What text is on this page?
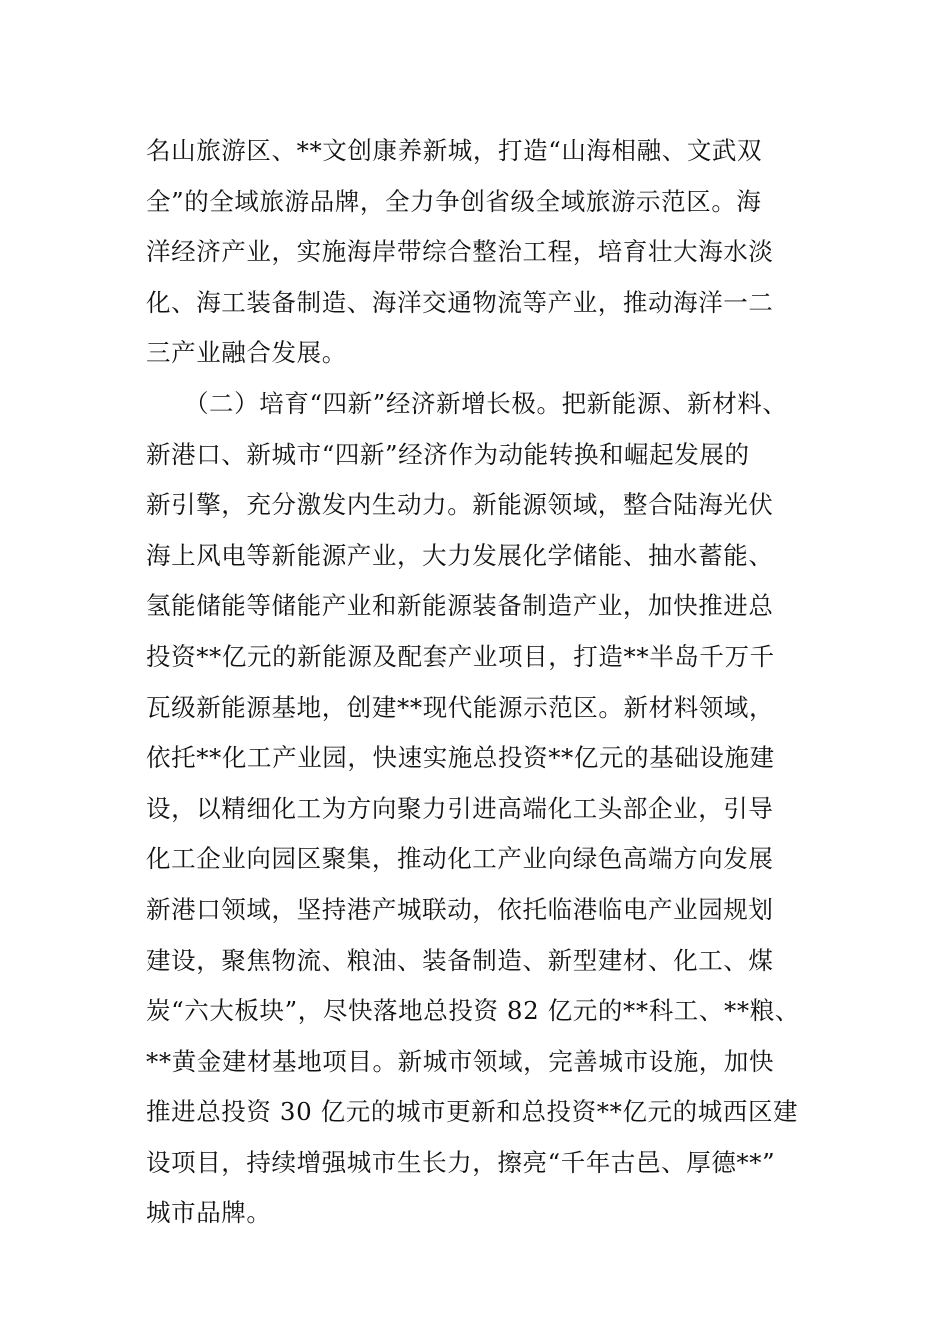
名山旅游区、**文创康养新城，打造“山海相融、文武双
全”的全域旅游品牌，全力争创省级全域旅游示范区。海
洋经济产业，实施海岸带综合整治工程，培育壮大海水淡
化、海工装备制造、海洋交通物流等产业，推动海洋一二
三产业融合发展。
　　（二）培育“四新”经济新增长极。把新能源、新材料、
新港口、新城市“四新”经济作为动能转换和崛起发展的
新引擎，充分激发内生动力。新能源领域，整合陆海光伏
海上风电等新能源产业，大力发展化学储能、抽水蓄能、
氢能储能等储能产业和新能源装备制造产业，加快推进总
投资**亿元的新能源及配套产业项目，打造**半岛千万千
瓦级新能源基地，创建**现代能源示范区。新材料领域，
依托**化工产业园，快速实施总投资**亿元的基础设施建
设，以精细化工为方向聚力引进高端化工头部企业，引导
化工企业向园区聚集，推动化工产业向绿色高端方向发展
新港口领域，坚持港产城联动，依托临港临电产业园规划
建设，聚焦物流、粮油、装备制造、新型建材、化工、煤
炭“六大板块”，尽快落地总投资 82 亿元的**科工、**粮、
**黄金建材基地项目。新城市领域，完善城市设施，加快
推进总投资 30 亿元的城市更新和总投资**亿元的城西区建
设项目，持续增强城市生长力，擦亮“千年古邑、厚德**”
城市品牌。
